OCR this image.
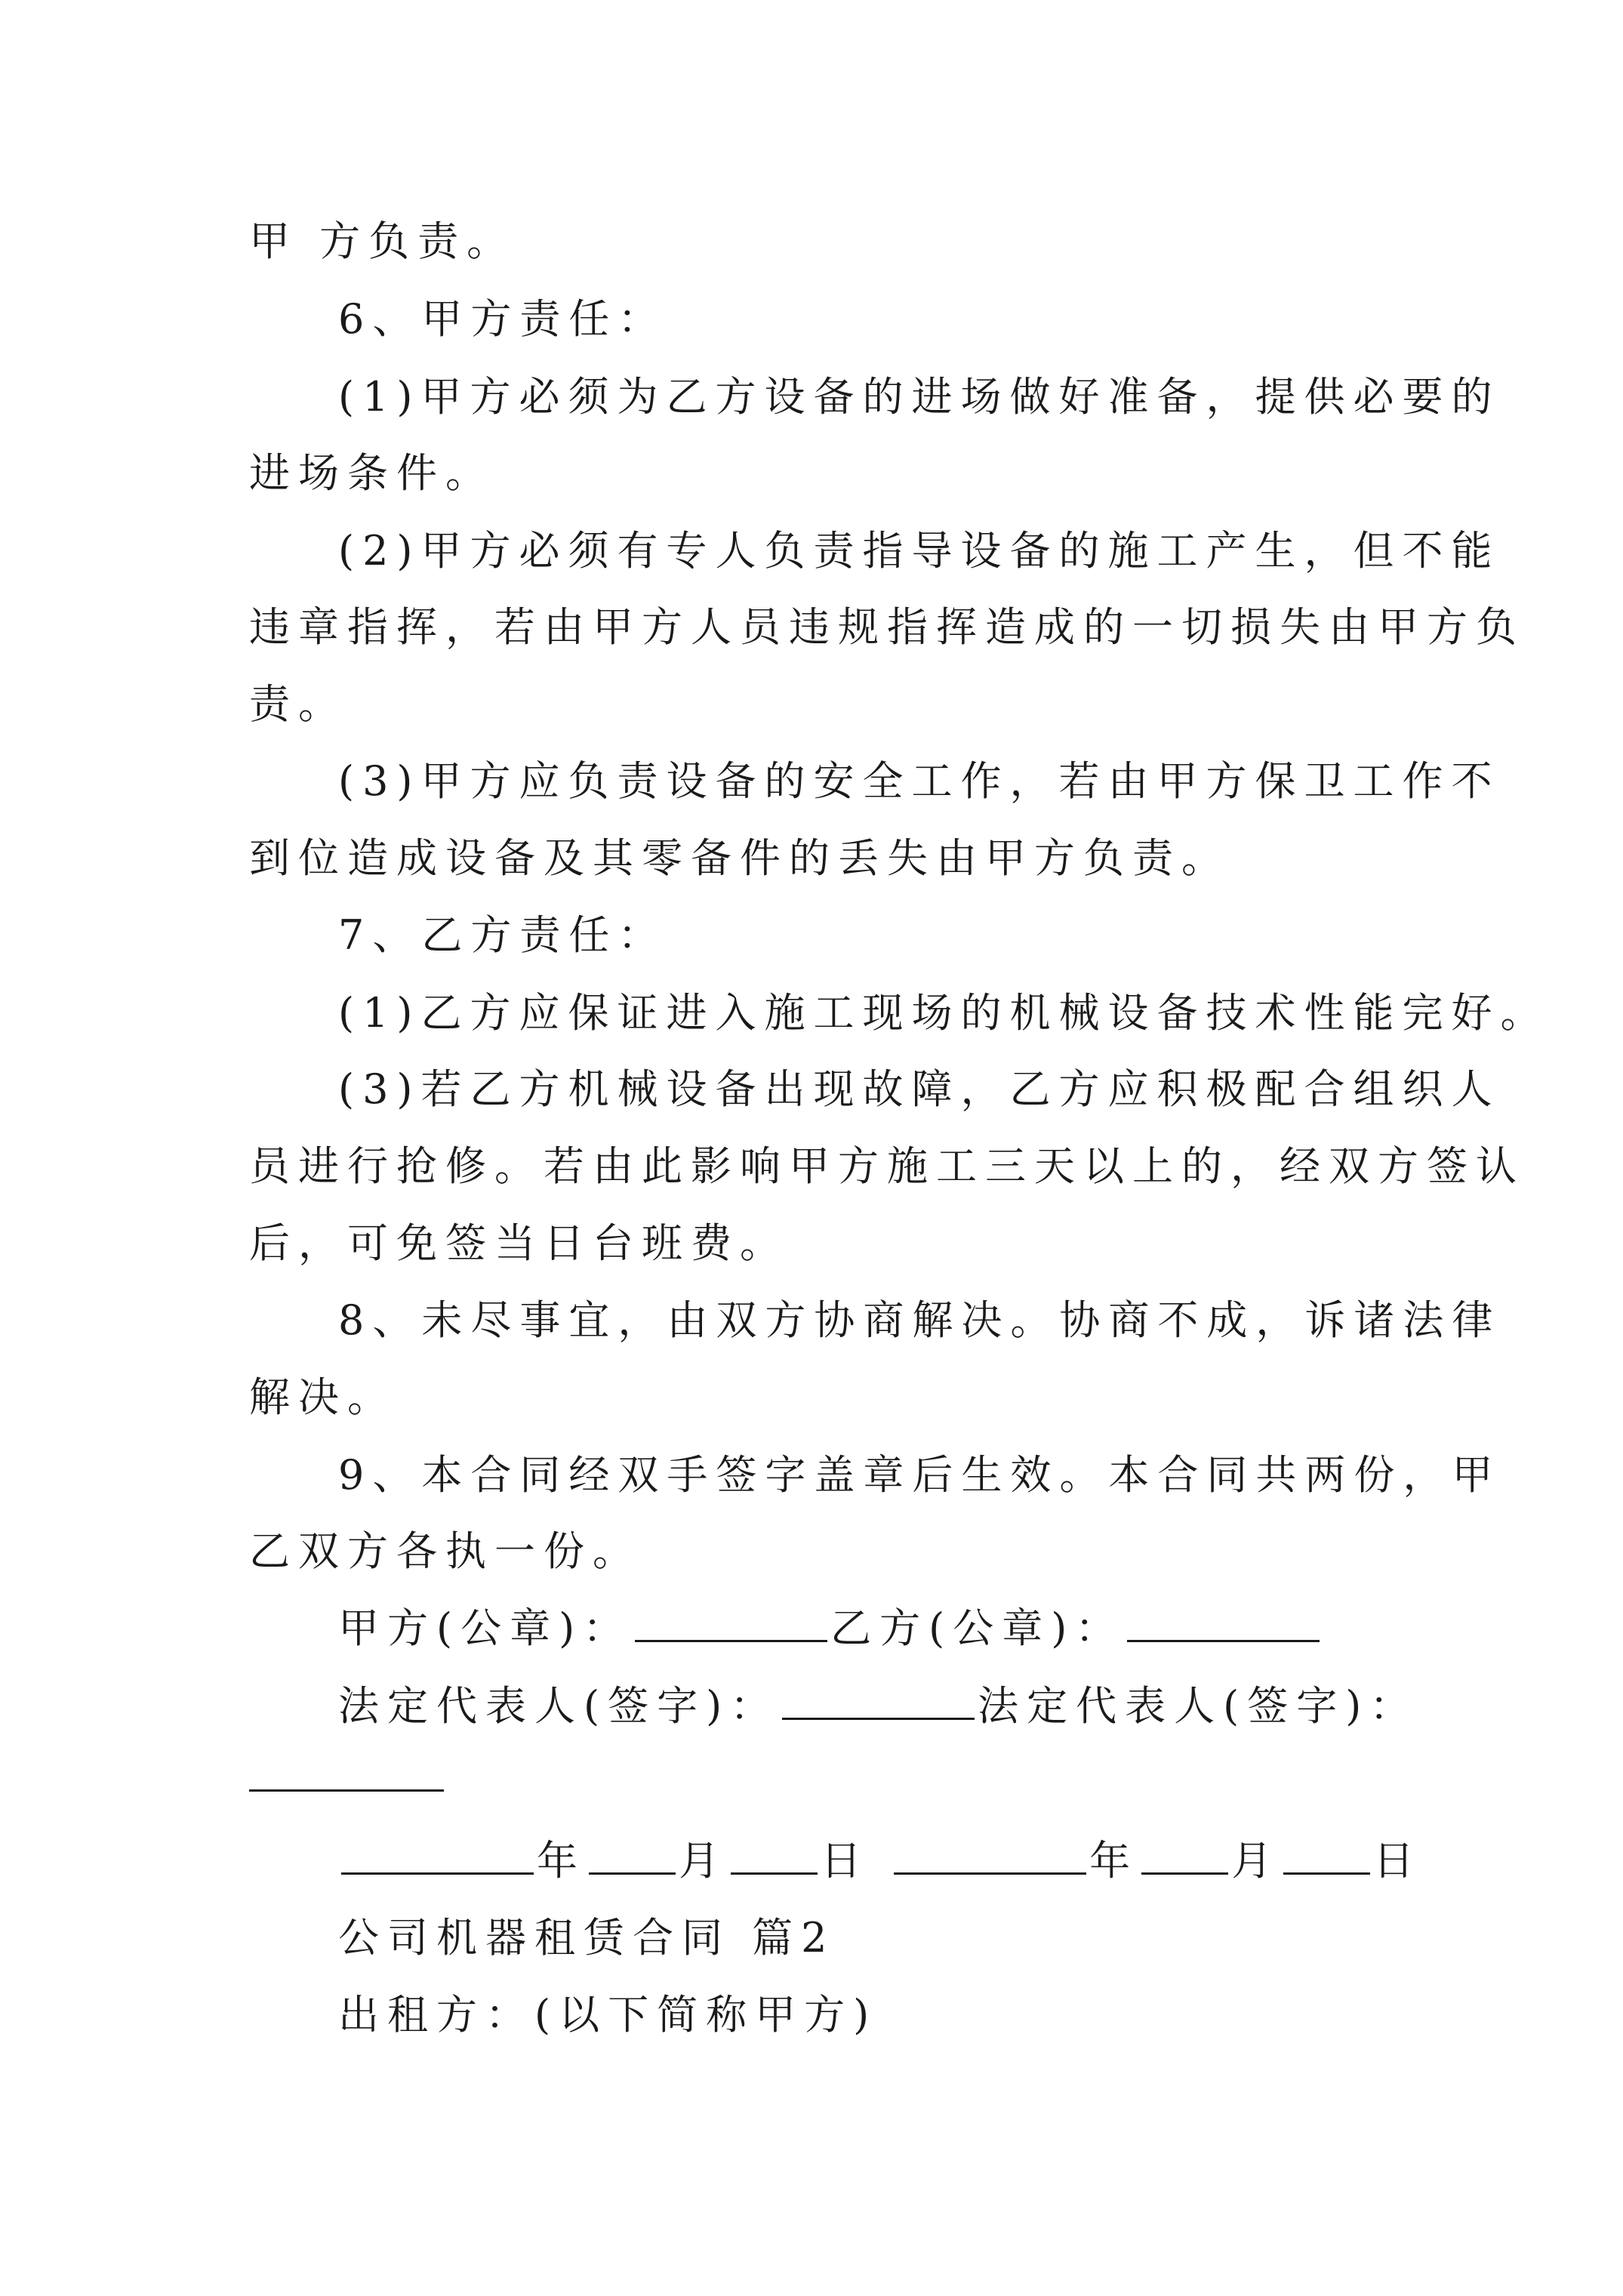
甲 方负责。
6、甲方责任：
(1)甲方必须为乙方设备的进场做好准备，提供必要的
进场条件。
(2)甲方必须有专人负责指导设备的施工产生，但不能
违章指挥，若由甲方人员违规指挥造成的一切损失由甲方负
责。
(3)甲方应负责设备的安全工作，若由甲方保卫工作不
到位造成设备及其零备件的丢失由甲方负责。
7、乙方责任：
(1)乙方应保证进入施工现场的机械设备技术性能完好。
(3)若乙方机械设备出现故障，乙方应积极配合组织人
员进行抢修。若由此影响甲方施工三天以上的，经双方签认
后，可免签当日台班费。
8、未尽事宜，由双方协商解决。协商不成，诉诸法律
解决。
9、本合同经双手签字盖章后生效。本合同共两份，甲
乙双方各执一份。
甲方(公章)：	乙方(公章)：
法定代表人(签字)：	法定代表人(签字)：
年 月 日	年 月 日
公司机器租赁合同 篇2
出租方：(以下简称甲方)
